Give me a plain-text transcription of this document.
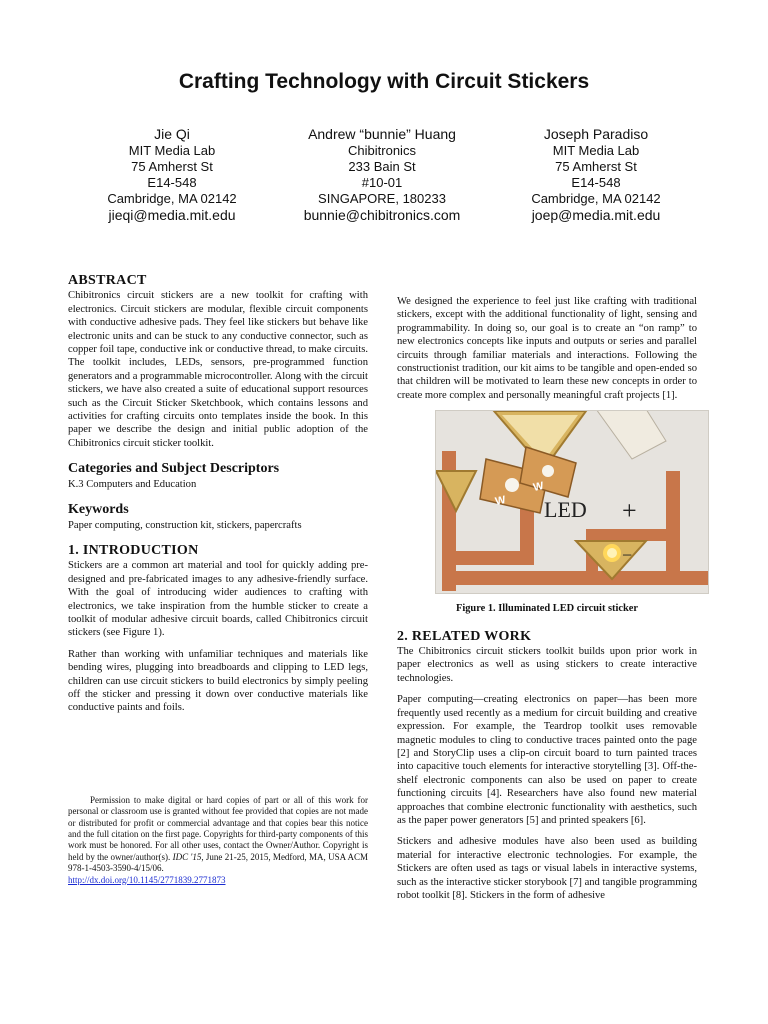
Crafting Technology with Circuit Stickers
Jie Qi
MIT Media Lab
75 Amherst St
E14-548
Cambridge, MA 02142
jieqi@media.mit.edu
Andrew “bunnie” Huang
Chibitronics
233 Bain St
#10-01
SINGAPORE, 180233
bunnie@chibitronics.com
Joseph Paradiso
MIT Media Lab
75 Amherst St
E14-548
Cambridge, MA 02142
joep@media.mit.edu
ABSTRACT

Chibitronics circuit stickers are a new toolkit for crafting with electronics. Circuit stickers are modular, flexible circuit components with conductive adhesive pads. They feel like stickers but behave like electronic units and can be stuck to any conductive connector, such as copper foil tape, conductive ink or conductive thread, to make circuits. The toolkit includes, LEDs, sensors, pre-programmed function generators and a programmable microcontroller. Along with the circuit stickers, we have also created a suite of educational support resources such as the Circuit Sticker Sketchbook, which contains lessons and activities for crafting circuits onto templates inside the book. In this paper we describe the design and initial public adoption of the Chibitronics circuit sticker toolkit.

Categories and Subject Descriptors

K.3 Computers and Education

Keywords

Paper computing, construction kit, stickers, papercrafts

1. INTRODUCTION

Stickers are a common art material and tool for quickly adding pre-designed and pre-fabricated images to any adhesive-friendly surface. With the goal of introducing wider audiences to crafting with electronics, we take inspiration from the humble sticker to create a toolkit of modular adhesive circuit boards, called Chibitronics circuit stickers (see Figure 1).

Rather than working with unfamiliar techniques and materials like bending wires, plugging into breadboards and clipping to LED legs, children can use circuit stickers to build electronics by simply peeling off the sticker and pressing it down over conductive materials like conductive paints and foils.

Permission to make digital or hard copies of part or all of this work for personal or classroom use is granted without fee provided that copies are not made or distributed for profit or commercial advantage and that copies bear this notice and the full citation on the first page. Copyrights for third-party components of this work must be honored. For all other uses, contact the Owner/Author. Copyright is held by the owner/author(s). IDC '15, June 21-25, 2015, Medford, MA, USA ACM 978-1-4503-3590-4/15/06.

http://dx.doi.org/10.1145/2771839.2771873

We designed the experience to feel just like crafting with traditional stickers, except with the additional functionality of light, sensing and programmability. In doing so, our goal is to create an “on ramp” to new electronics concepts like inputs and outputs or series and parallel circuits through familiar materials and interactions. Following the constructionist tradition, our kit aims to be tangible and open-ended so that children will be motivated to learn these new concepts in order to create more complex and personally meaningful craft projects [1].

W
W
LED +
−
Figure 1. Illuminated LED circuit sticker
2. RELATED WORK

The Chibitronics circuit stickers toolkit builds upon prior work in paper electronics as well as using stickers to create interactive technologies.

Paper computing—creating electronics on paper—has been more frequently used recently as a medium for circuit building and creative expression. For example, the Teardrop toolkit uses removable magnetic modules to cling to conductive traces painted onto the page [2] and StoryClip uses a clip-on circuit board to turn painted traces into capacitive touch elements for interactive storytelling [3]. Off-the-shelf electronic components can also be used on paper to create functioning circuits [4]. Researchers have also found new material approaches that combine electronic functionality with aesthetics, such as the paper power generators [5] and printed speakers [6].

Stickers and adhesive modules have also been used as building material for interactive electronic technologies. For example, the Stickers are often used as tags or visual labels in interactive systems, such as the interactive sticker storybook [7] and tangible programming robot toolkit [8]. Stickers in the form of adhesive
